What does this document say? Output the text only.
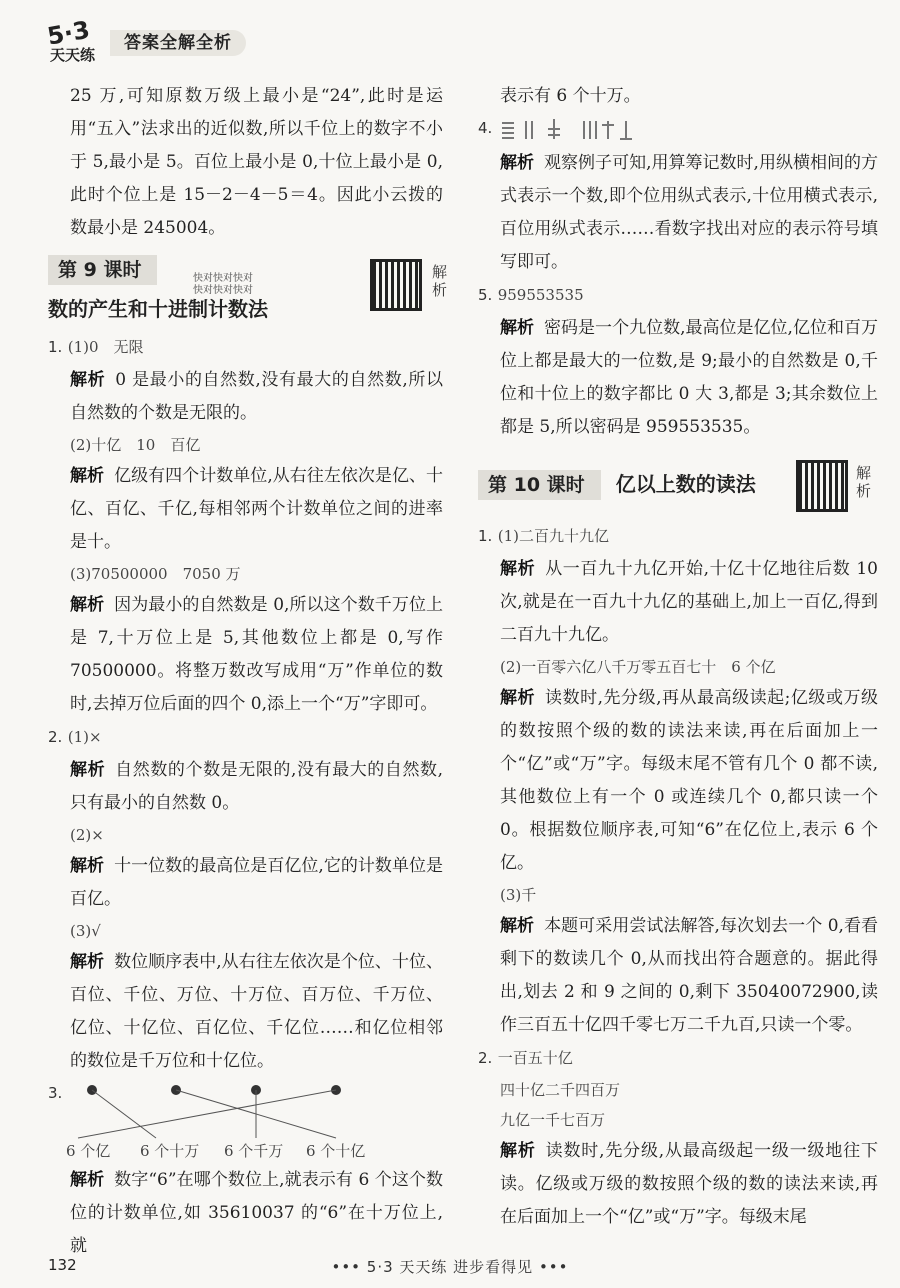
5·3
天天练
答案全解全析

25 万,可知原数万级上最小是“24”,此时是运用“五入”法求出的近似数,所以千位上的数字不小于 5,最小是 5。百位上最小是 0,十位上最小是 0,此时个位上是 15－2－4－5＝4。因此小云拨的数最小是 245004。

第 9 课时
数的产生和十进制计数法
快对快对快对快对快对快对
解析

1. (1)0　无限

解析 0 是最小的自然数,没有最大的自然数,所以自然数的个数是无限的。

(2)十亿　10　百亿

解析 亿级有四个计数单位,从右往左依次是亿、十亿、百亿、千亿,每相邻两个计数单位之间的进率是十。

(3)70500000　7050 万

解析 因为最小的自然数是 0,所以这个数千万位上是 7,十万位上是 5,其他数位上都是 0,写作 70500000。将整万数改写成用“万”作单位的数时,去掉万位后面的四个 0,添上一个“万”字即可。

2. (1)×

解析 自然数的个数是无限的,没有最大的自然数,只有最小的自然数 0。

(2)×

解析 十一位数的最高位是百亿位,它的计数单位是百亿。

(3)√

解析 数位顺序表中,从右往左依次是个位、十位、百位、千位、万位、十万位、百万位、千万位、亿位、十亿位、百亿位、千亿位……和亿位相邻的数位是千万位和十亿位。

3.
6 个亿 6 个十万 6 个千万 6 个十亿

解析 数字“6”在哪个数位上,就表示有 6 个这个数位的计数单位,如 35610037 的“6”在十万位上,就

表示有 6 个十万。

4.

解析 观察例子可知,用算筹记数时,用纵横相间的方式表示一个数,即个位用纵式表示,十位用横式表示,百位用纵式表示……看数字找出对应的表示符号填写即可。

5. 959553535

解析 密码是一个九位数,最高位是亿位,亿位和百万位上都是最大的一位数,是 9;最小的自然数是 0,千位和十位上的数字都比 0 大 3,都是 3;其余数位上都是 5,所以密码是 959553535。

第 10 课时 亿以上数的读法	解析

1. (1)二百九十九亿

解析 从一百九十九亿开始,十亿十亿地往后数 10 次,就是在一百九十九亿的基础上,加上一百亿,得到二百九十九亿。

(2)一百零六亿八千万零五百七十　6 个亿

解析 读数时,先分级,再从最高级读起;亿级或万级的数按照个级的数的读法来读,再在后面加上一个“亿”或“万”字。每级末尾不管有几个 0 都不读,其他数位上有一个 0 或连续几个 0,都只读一个 0。根据数位顺序表,可知“6”在亿位上,表示 6 个亿。

(3)千

解析 本题可采用尝试法解答,每次划去一个 0,看看剩下的数读几个 0,从而找出符合题意的。据此得出,划去 2 和 9 之间的 0,剩下 35040072900,读作三百五十亿四千零七万二千九百,只读一个零。

2. 一百五十亿

四十亿二千四百万

九亿一千七百万

解析 读数时,先分级,从最高级起一级一级地往下读。亿级或万级的数按照个级的数的读法来读,再在后面加上一个“亿”或“万”字。每级末尾

132	••• 5·3 天天练 进步看得见 •••
